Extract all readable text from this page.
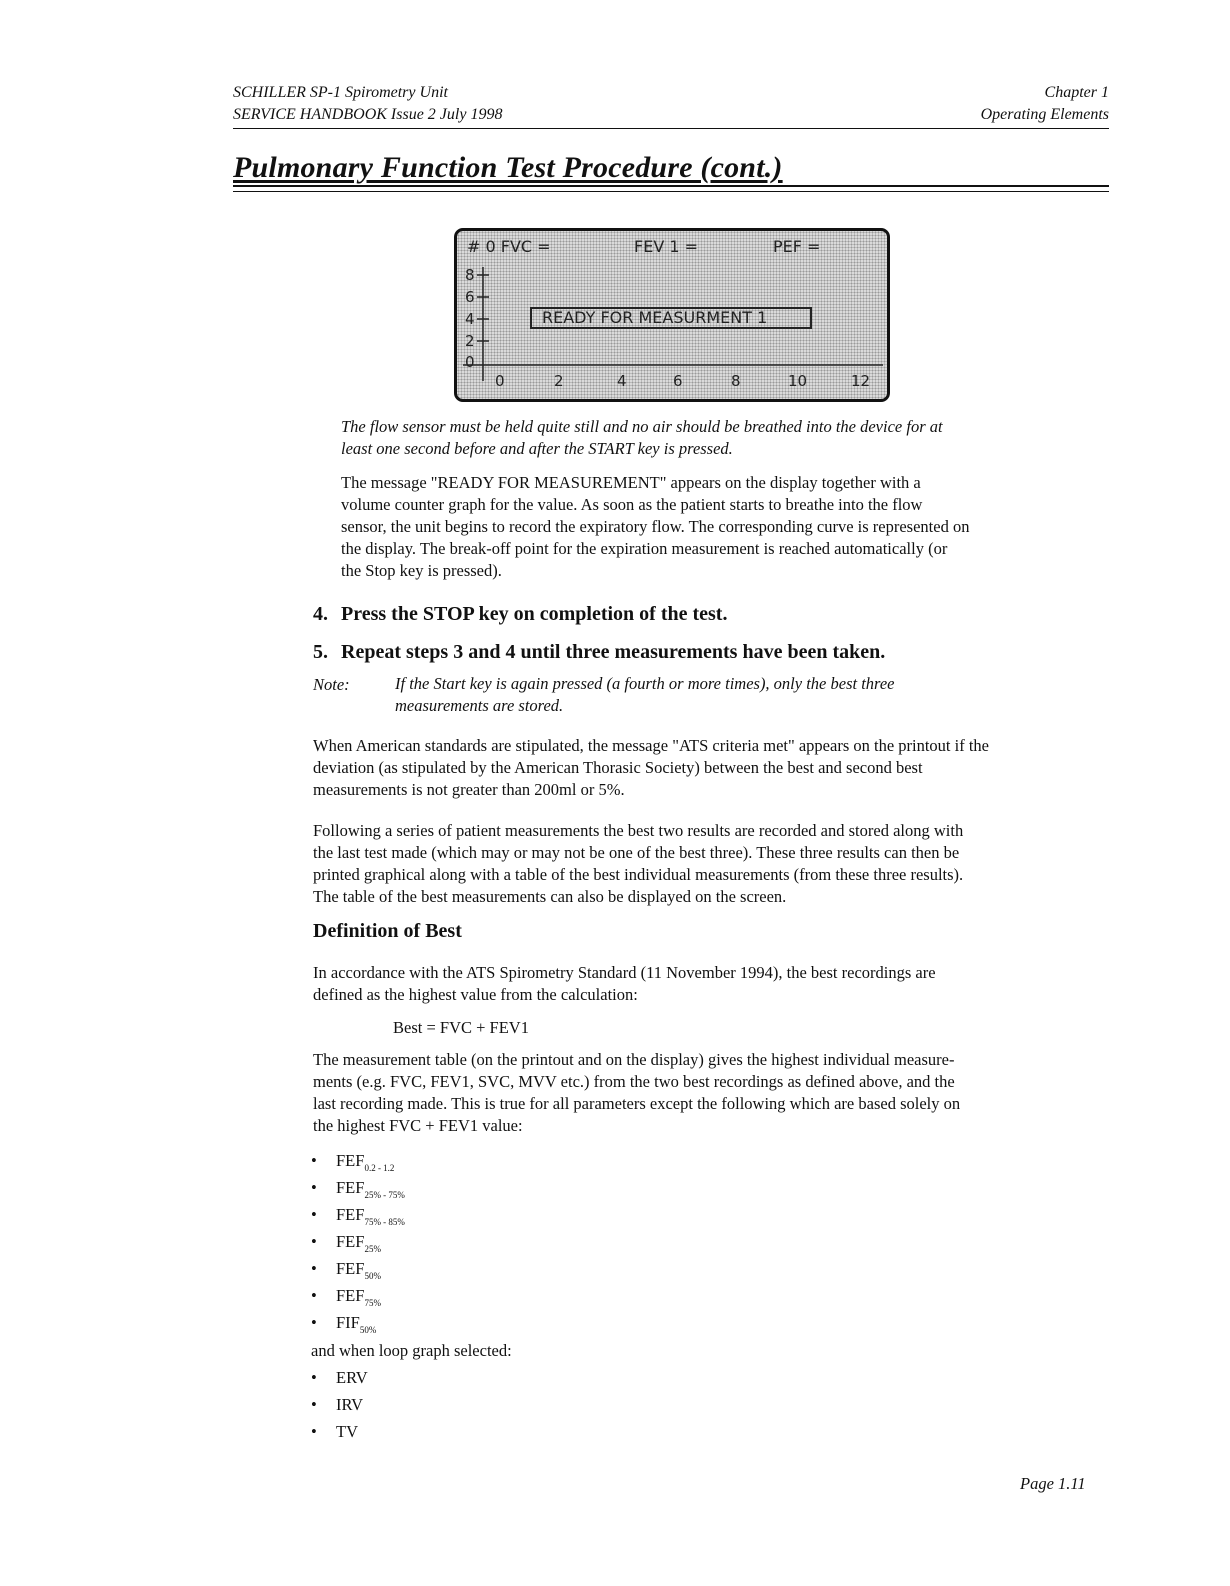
SCHILLER SP-1 Spirometry Unit
SERVICE HANDBOOK Issue 2 July 1998
Chapter 1
Operating Elements
Pulmonary Function Test Procedure (cont.)
# 0 FVC =	FEV 1 =	PEF =
8
6
4
2
0
0	2	4	6	8	10	12
READY FOR MEASURMENT 1
The flow sensor must be held quite still and no air should be breathed into the device for at
least one second before and after the START key is pressed.
The message "READY FOR MEASUREMENT" appears on the display together with a
volume counter graph for the value. As soon as the patient starts to breathe into the flow
sensor, the unit begins to record the expiratory flow. The corresponding curve is represented on
the display. The break-off point for the expiration measurement is reached automatically (or
the Stop key is pressed).
4. Press the STOP key on completion of the test.
5. Repeat steps 3 and 4 until three measurements have been taken.
Note:	If the Start key is again pressed (a fourth or more times), only the best three
measurements are stored.
When American standards are stipulated, the message "ATS criteria met" appears on the printout if the
deviation (as stipulated by the American Thorasic Society) between the best and second best
measurements is not greater than 200ml or 5%.
Following a series of patient measurements the best two results are recorded and stored along with
the last test made (which may or may not be one of the best three). These three results can then be
printed graphical along with a table of the best individual measurements (from these three results).
The table of the best measurements can also be displayed on the screen.
Definition of Best
In accordance with the ATS Spirometry Standard (11 November 1994), the best recordings are
defined as the highest value from the calculation:
Best = FVC + FEV1
The measurement table (on the printout and on the display) gives the highest individual measure-
ments (e.g. FVC, FEV1, SVC, MVV etc.) from the two best recordings as defined above, and the
last recording made. This is true for all parameters except the following which are based solely on
the highest FVC + FEV1 value:
• $FEF_{0.2 - 1.2}$
• $FEF_{25\% - 75\%}$
• $FEF_{75\% - 85\%}$
• $FEF_{25\%}$
• $FEF_{50\%}$
• $FEF_{75\%}$
• $FIF_{50\%}$
and when loop graph selected:
• ERV
• IRV
• TV
Page 1.11
